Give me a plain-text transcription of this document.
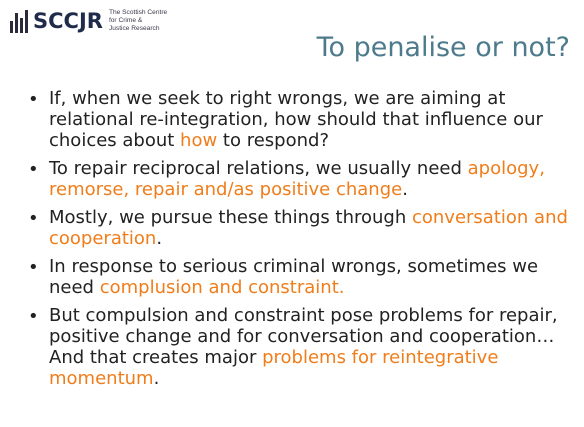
SCCJR The Scottish Centre
for Crime &
Justice Research
To penalise or not?
• If, when we seek to right wrongs, we are aiming at relational re-integration, how should that influence our choices about how to respond?
• To repair reciprocal relations, we usually need apology, remorse, repair and/as positive change.
• Mostly, we pursue these things through conversation and cooperation.
• In response to serious criminal wrongs, sometimes we need complusion and constraint.
• But compulsion and constraint pose problems for repair, positive change and for conversation and cooperation… And that creates major problems for reintegrative momentum.
